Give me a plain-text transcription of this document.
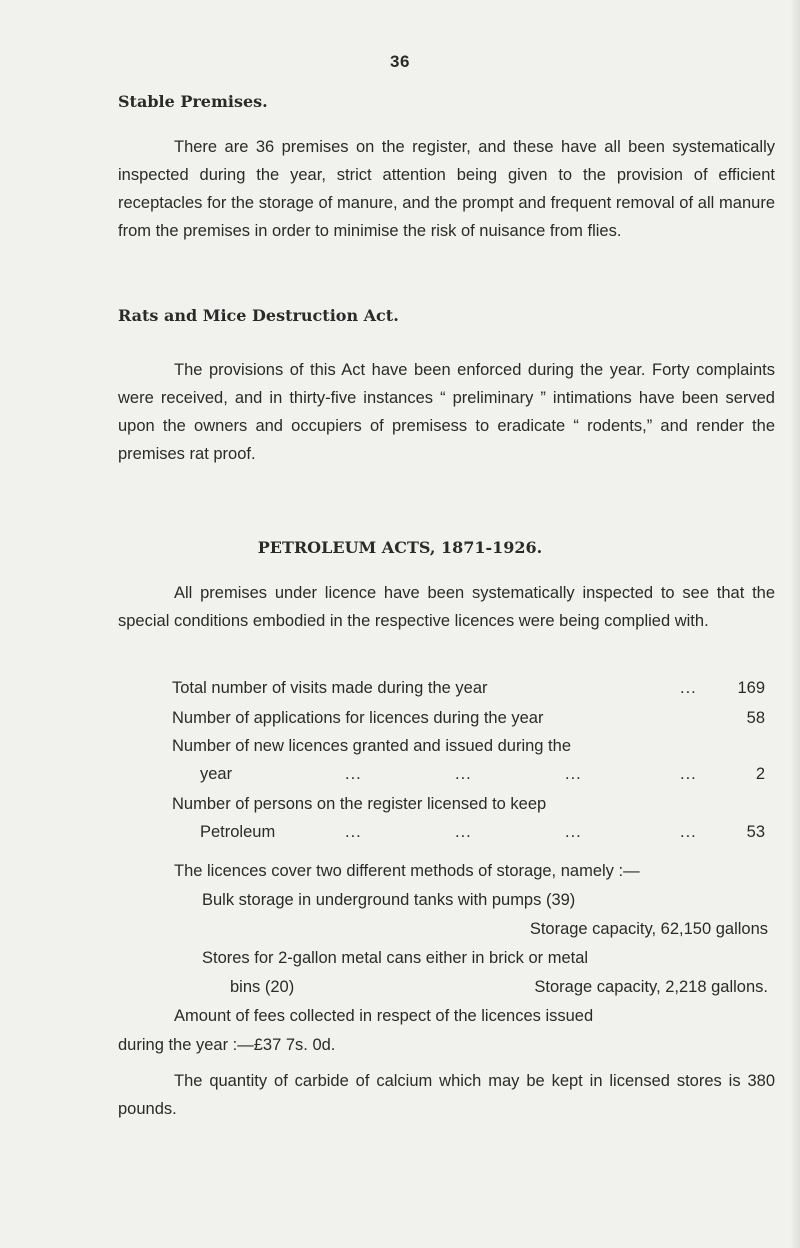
36
Stable Premises.
There are 36 premises on the register, and these have all been systematically inspected during the year, strict attention being given to the provision of efficient receptacles for the storage of manure, and the prompt and frequent removal of all manure from the premises in order to minimise the risk of nuisance from flies.
Rats and Mice Destruction Act.
The provisions of this Act have been enforced during the year. Forty complaints were received, and in thirty-five instances “ preliminary ” intimations have been served upon the owners and occupiers of premisess to eradicate “ rodents,” and render the premises rat proof.
PETROLEUM ACTS, 1871-1926.
All premises under licence have been systematically inspected to see that the special conditions embodied in the respective licences were being complied with.
Total number of visits made during the year	... 169
Number of applications for licences during the year	58
Number of new licences granted and issued during the
year	...	...	...	...	2
Number of persons on the register licensed to keep
Petroleum	...	...	...	...	53
The licences cover two different methods of storage, namely :—
Bulk storage in underground tanks with pumps (39)
Storage capacity, 62,150 gallons
Stores for 2-gallon metal cans either in brick or metal
bins (20)	Storage capacity, 2,218 gallons.
Amount of fees collected in respect of the licences issued
during the year :—£37 7s. 0d.
The quantity of carbide of calcium which may be kept in licensed stores is 380 pounds.
